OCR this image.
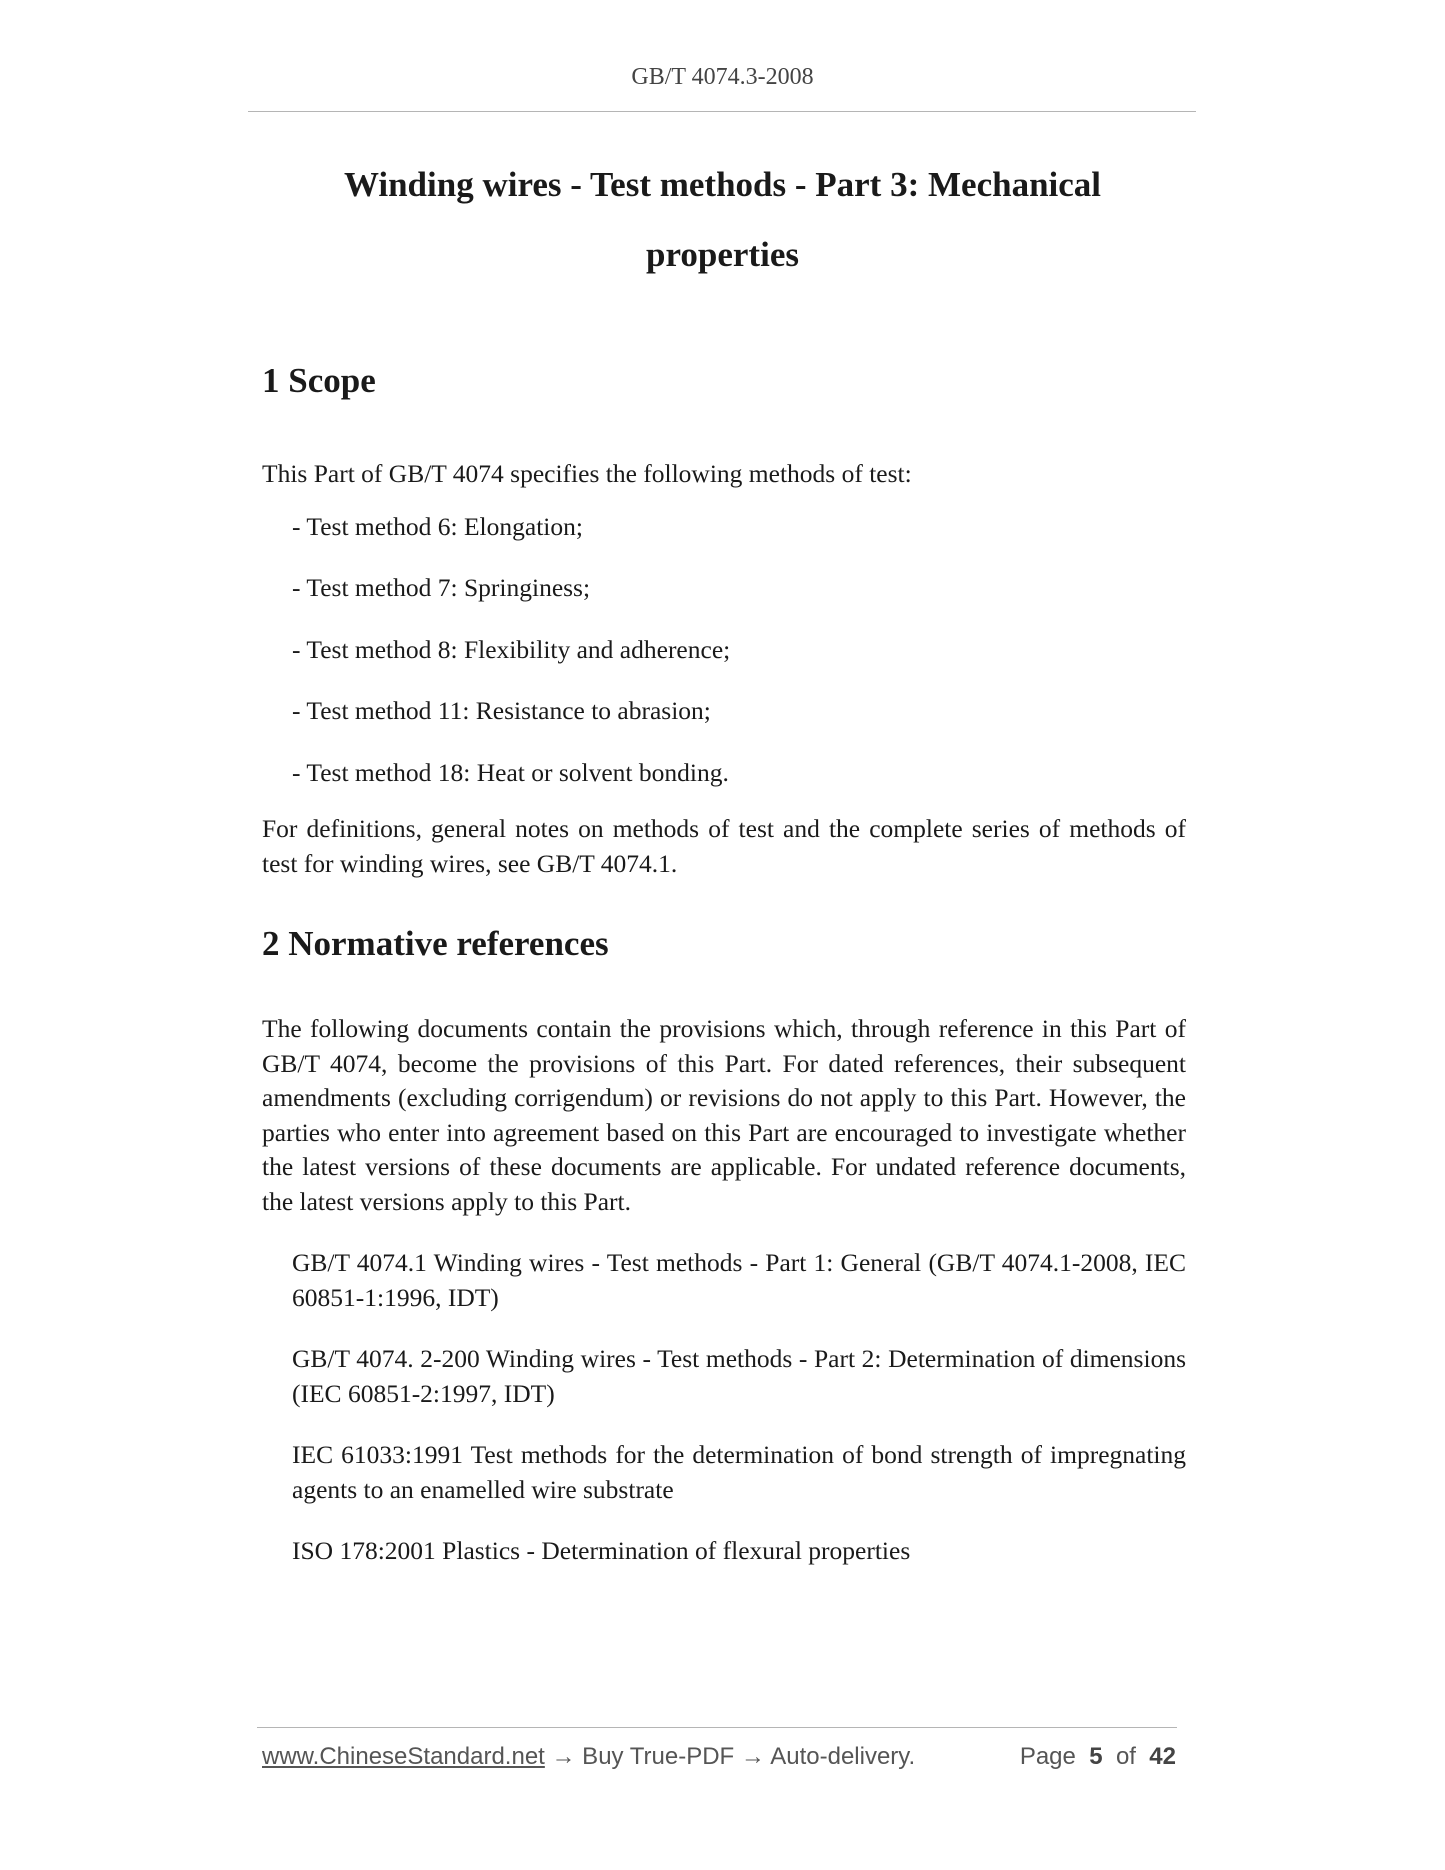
GB/T 4074.3-2008
Winding wires - Test methods - Part 3: Mechanical properties
1 Scope

This Part of GB/T 4074 specifies the following methods of test:

- Test method 6: Elongation;
- Test method 7: Springiness;
- Test method 8: Flexibility and adherence;
- Test method 11: Resistance to abrasion;
- Test method 18: Heat or solvent bonding.

For definitions, general notes on methods of test and the complete series of methods of test for winding wires, see GB/T 4074.1.

2 Normative references

The following documents contain the provisions which, through reference in this Part of GB/T 4074, become the provisions of this Part. For dated references, their subsequent amendments (excluding corrigendum) or revisions do not apply to this Part. However, the parties who enter into agreement based on this Part are encouraged to investigate whether the latest versions of these documents are applicable. For undated reference documents, the latest versions apply to this Part.

GB/T 4074.1 Winding wires - Test methods - Part 1: General (GB/T 4074.1-2008, IEC 60851-1:1996, IDT)

GB/T 4074. 2-200 Winding wires - Test methods - Part 2: Determination of dimensions (IEC 60851-2:1997, IDT)

IEC 61033:1991 Test methods for the determination of bond strength of impregnating agents to an enamelled wire substrate

ISO 178:2001 Plastics - Determination of flexural properties

www.ChineseStandard.net → Buy True-PDF → Auto-delivery.	Page 5 of 42
